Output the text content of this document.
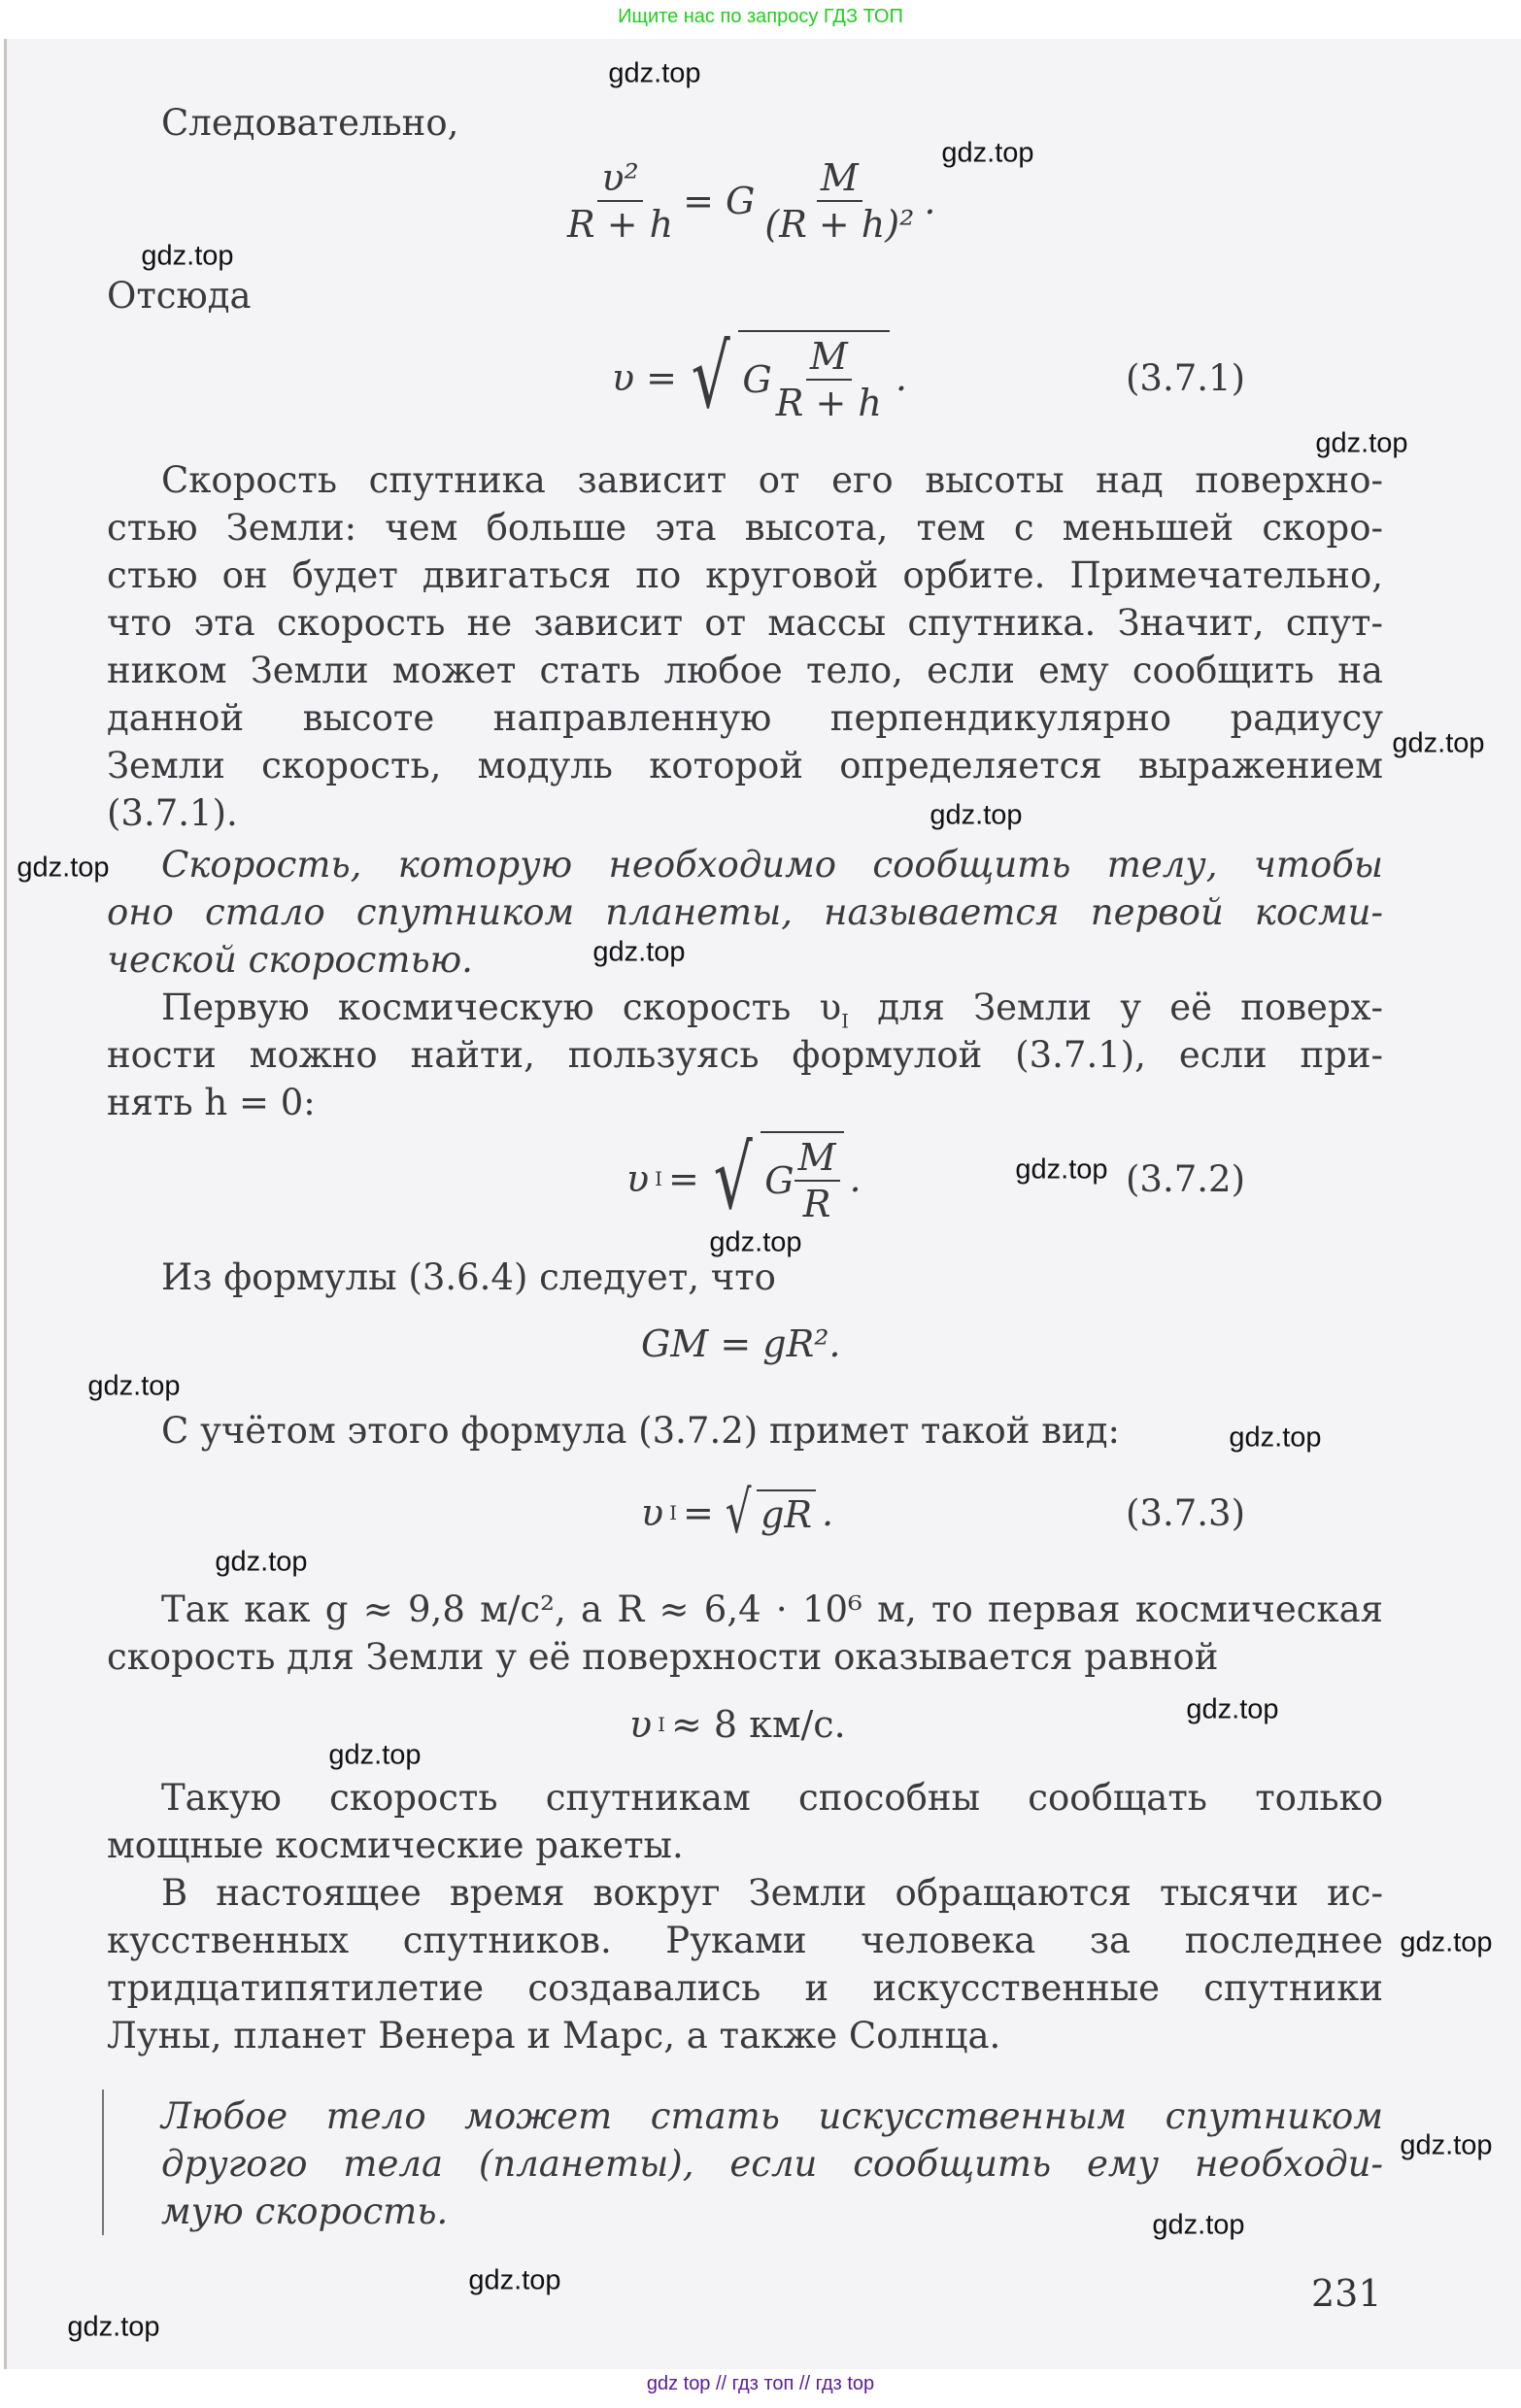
Ищите нас по запросу ГДЗ ТОП
Следовательно,
$\frac{\text{υ²}}{R + h} = G \frac{M}{\text{(R + h)²}}$ .
Отсюда
υ = √ G $\frac{M}{R + h}$ .	(3.7.1)
Скорость спутника зависит от его высоты над поверхно-
стью Земли: чем больше эта высота, тем с меньшей скоро-
стью он будет двигаться по круговой орбите. Примечательно,
что эта скорость не зависит от массы спутника. Значит, спут-
ником Земли может стать любое тело, если ему сообщить на
данной высоте направленную перпендикулярно радиусу
Земли скорость, модуль которой определяется выражением
(3.7.1).
Скорость, которую необходимо сообщить телу, чтобы
оно стало спутником планеты, называется первой косми-
ческой скоростью.
Первую космическую скорость $\upsilon_I$ для Земли у её поверх-
ности можно найти, пользуясь формулой (3.7.1), если при-
нять h = 0:
υ I = √ G $\frac{M}{R}$ .	(3.7.2)
Из формулы (3.6.4) следует, что
GM = gR².
С учётом этого формула (3.7.2) примет такой вид:
υ I = √ gR .	(3.7.3)
Так как g ≈ 9,8 м/с², а R ≈ 6,4 · 10⁶ м, то первая космическая
скорость для Земли у её поверхности оказывается равной
υ I ≈ 8 км/с.
Такую скорость спутникам способны сообщать только
мощные космические ракеты.
В настоящее время вокруг Земли обращаются тысячи ис-
кусственных спутников. Руками человека за последнее
тридцатипятилетие создавались и искусственные спутники
Луны, планет Венера и Марс, а также Солнца.
Любое тело может стать искусственным спутником
другого тела (планеты), если сообщить ему необходи-
мую скорость.
231
gdz top // гдз топ // гдз top
gdz.top
gdz.top
gdz.top
gdz.top
gdz.top
gdz.top
gdz.top
gdz.top
gdz.top
gdz.top
gdz.top
gdz.top
gdz.top
gdz.top
gdz.top
gdz.top
gdz.top
gdz.top
gdz.top
gdz.top
